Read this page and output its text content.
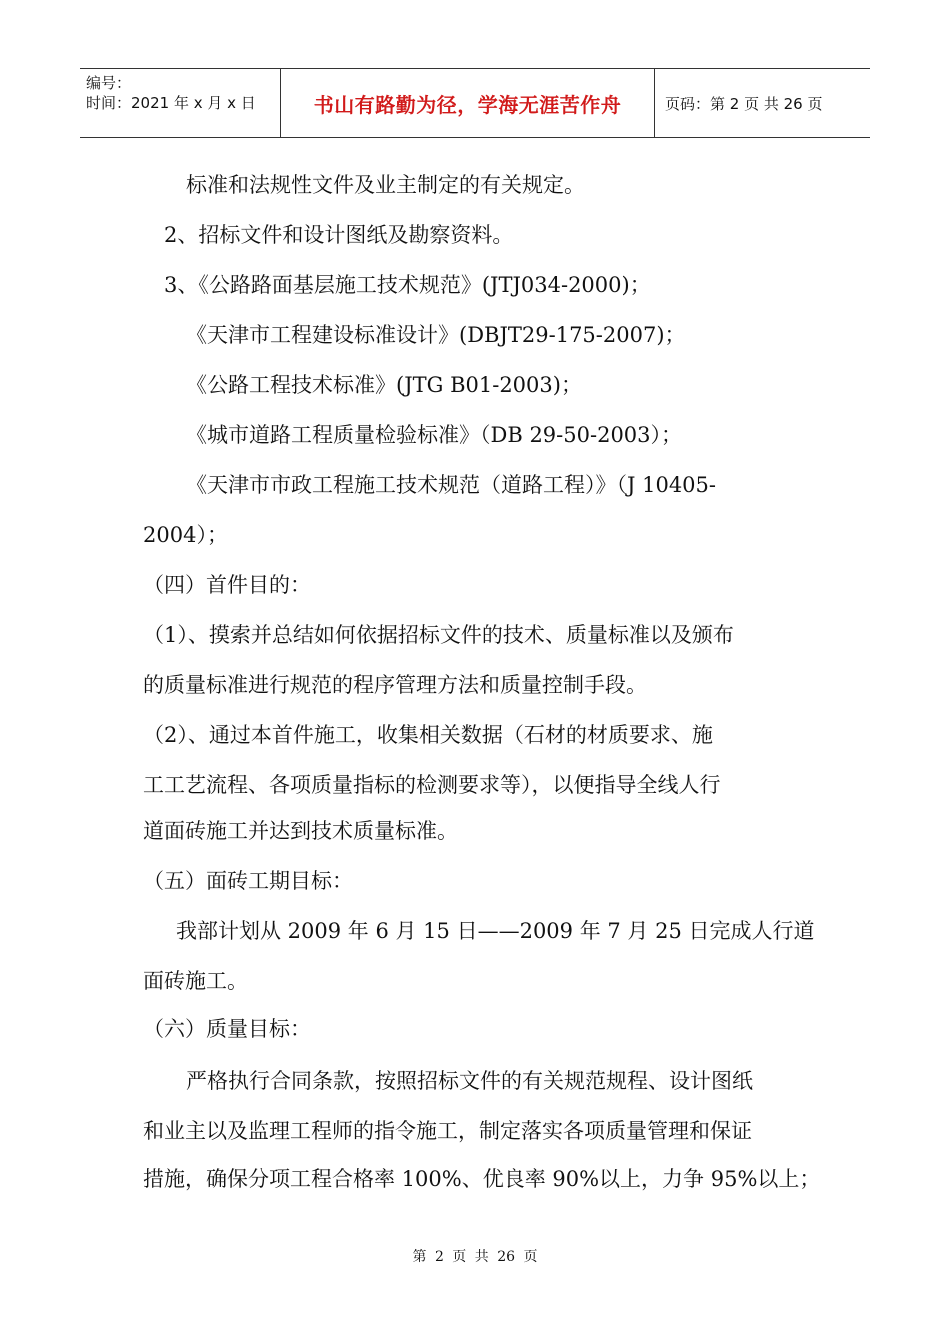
编号：
时间：2021 年 x 月 x 日	书山有路勤为径，学海无涯苦作舟	页码：第 2 页 共 26 页
标准和法规性文件及业主制定的有关规定。
2、招标文件和设计图纸及勘察资料。
3、《公路路面基层施工技术规范》(JTJ034-2000)；
《天津市工程建设标准设计》(DBJT29-175-2007)；
《公路工程技术标准》(JTG B01-2003)；
《城市道路工程质量检验标准》（DB 29-50-2003）；
《天津市市政工程施工技术规范（道路工程）》（J 10405-
2004）；
（四）首件目的：
（1）、摸索并总结如何依据招标文件的技术、质量标准以及颁布
的质量标准进行规范的程序管理方法和质量控制手段。
（2）、通过本首件施工，收集相关数据（石材的材质要求、施
工工艺流程、各项质量指标的检测要求等），以便指导全线人行
道面砖施工并达到技术质量标准。
（五）面砖工期目标：
我部计划从 2009 年 6 月 15 日——2009 年 7 月 25 日完成人行道
面砖施工。
（六）质量目标：
严格执行合同条款，按照招标文件的有关规范规程、设计图纸
和业主以及监理工程师的指令施工，制定落实各项质量管理和保证
措施，确保分项工程合格率 100%、优良率 90%以上，力争 95%以上；
第 2 页 共 26 页
